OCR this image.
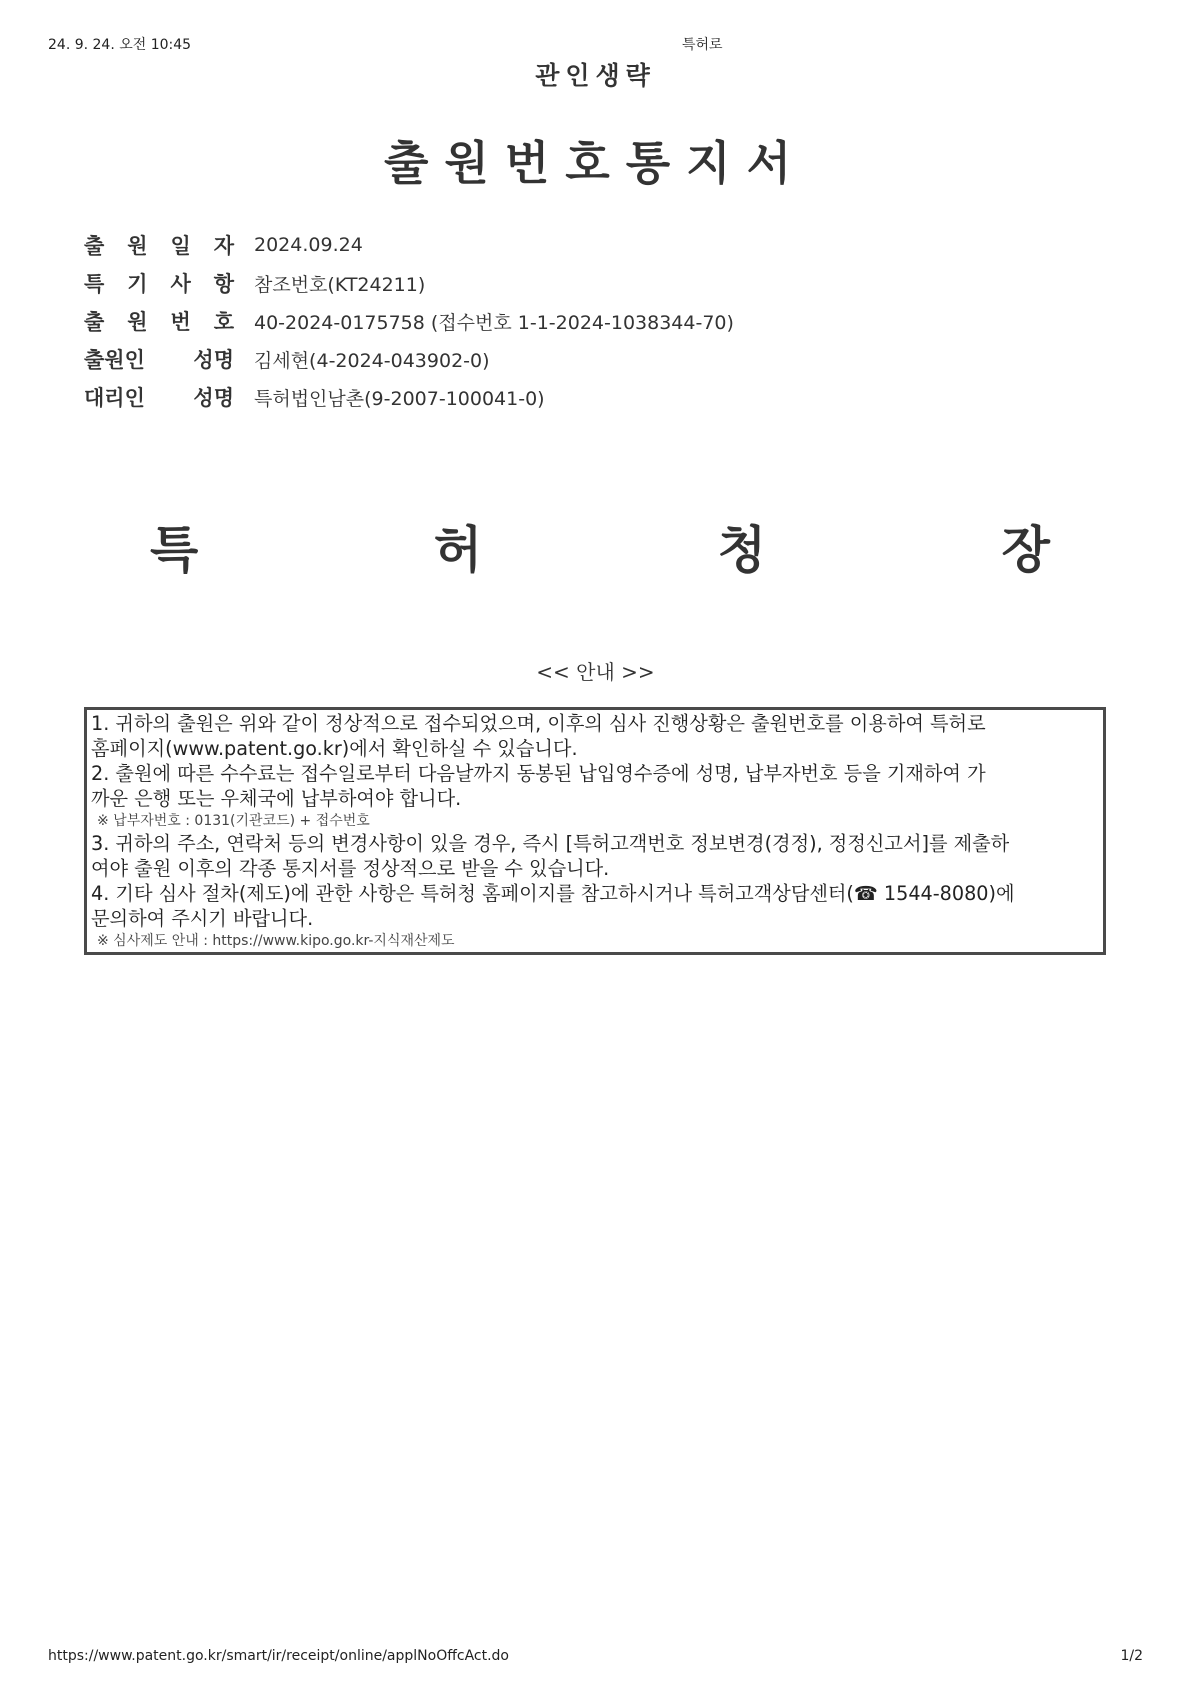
24. 9. 24. 오전 10:45	특허로
관인생략
출원번호통지서
출 원 일 자 2024.09.24
특 기 사 항 참조번호(KT24211)
출 원 번 호 40-2024-0175758 (접수번호 1-1-2024-1038344-70)
출원인 성명 김세현(4-2024-043902-0)
대리인 성명 특허법인남촌(9-2007-100041-0)
특	허	청	장
<< 안내 >>
1. 귀하의 출원은 위와 같이 정상적으로 접수되었으며, 이후의 심사 진행상황은 출원번호를 이용하여 특허로
홈페이지(www.patent.go.kr)에서 확인하실 수 있습니다.
2. 출원에 따른 수수료는 접수일로부터 다음날까지 동봉된 납입영수증에 성명, 납부자번호 등을 기재하여 가
까운 은행 또는 우체국에 납부하여야 합니다.
※ 납부자번호 : 0131(기관코드) + 접수번호
3. 귀하의 주소, 연락처 등의 변경사항이 있을 경우, 즉시 [특허고객번호 정보변경(경정), 정정신고서]를 제출하
여야 출원 이후의 각종 통지서를 정상적으로 받을 수 있습니다.
4. 기타 심사 절차(제도)에 관한 사항은 특허청 홈페이지를 참고하시거나 특허고객상담센터(☎ 1544-8080)에
문의하여 주시기 바랍니다.
※ 심사제도 안내 : https://www.kipo.go.kr-지식재산제도
https://www.patent.go.kr/smart/ir/receipt/online/applNoOffcAct.do	1/2
